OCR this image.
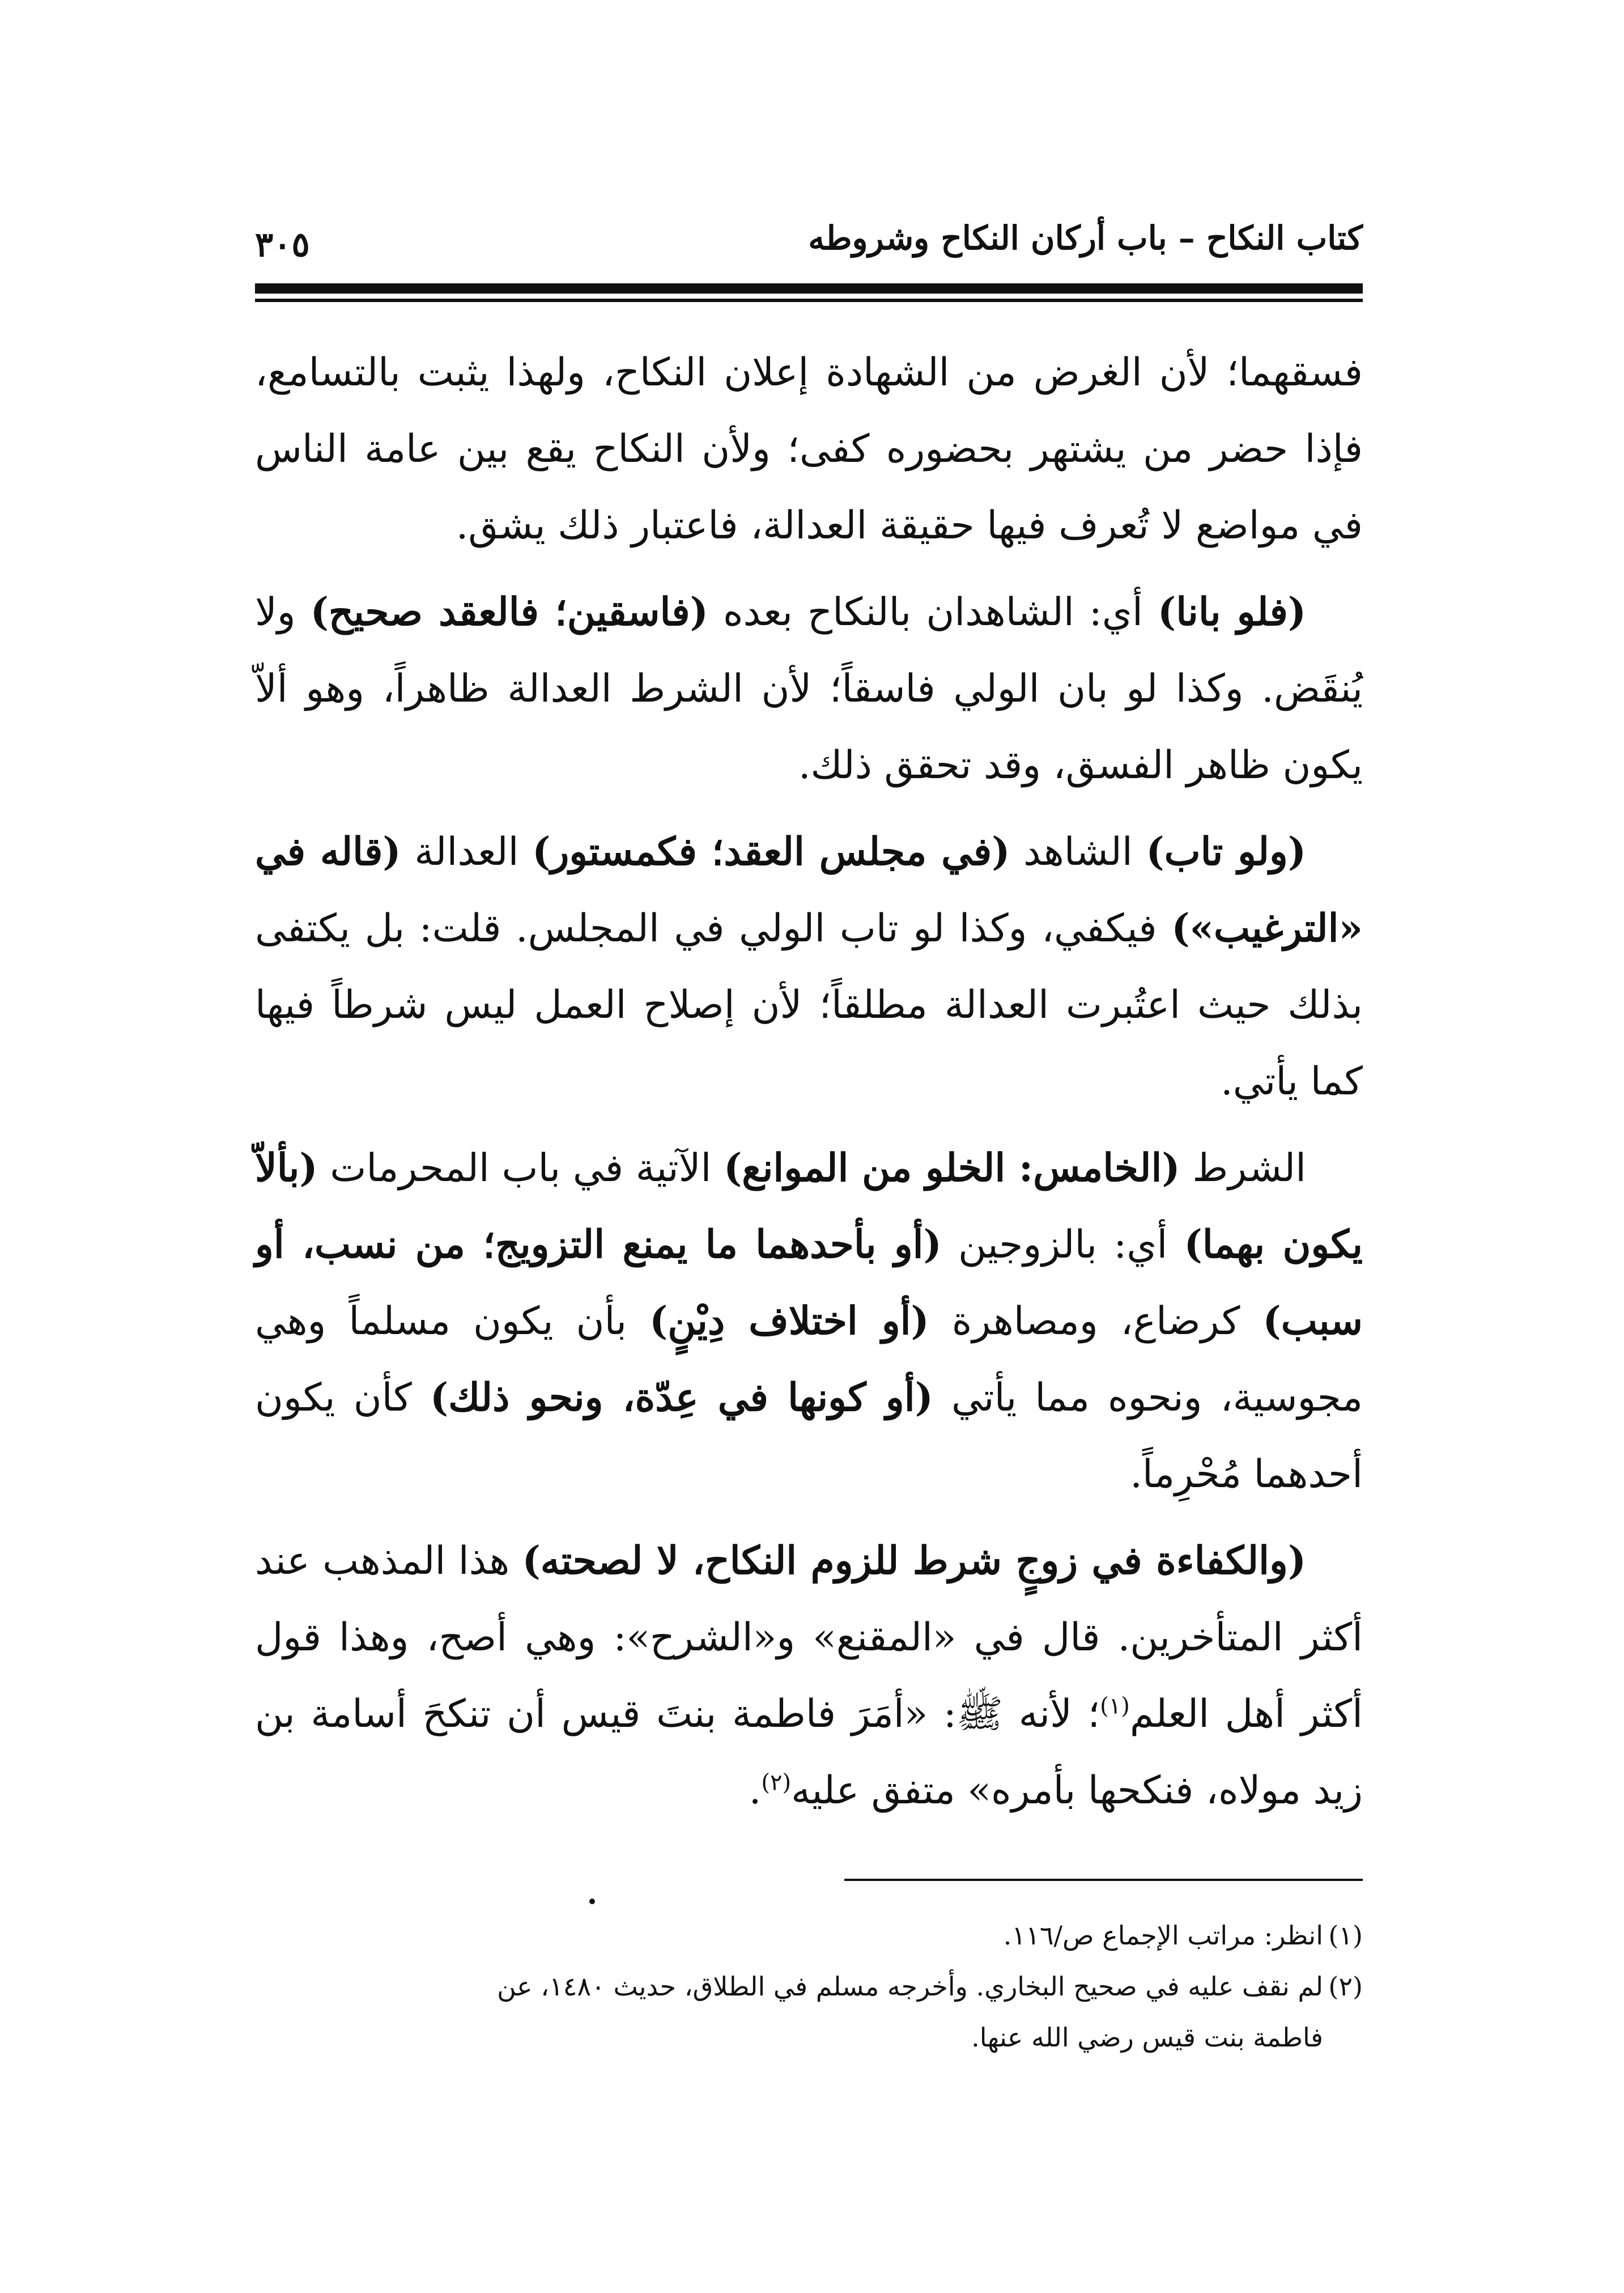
كتاب النكاح – باب أركان النكاح وشروطه
٣٠٥

فسقهما؛ لأن الغرض من الشهادة إعلان النكاح، ولهذا يثبت بالتسامع، فإذا حضر من يشتهر بحضوره كفى؛ ولأن النكاح يقع بين عامة الناس في مواضع لا تُعرف فيها حقيقة العدالة، فاعتبار ذلك يشق.

(فلو بانا) أي: الشاهدان بالنكاح بعده (فاسقين؛ فالعقد صحيح) ولا يُنقَض. وكذا لو بان الولي فاسقاً؛ لأن الشرط العدالة ظاهراً، وهو ألاّ يكون ظاهر الفسق، وقد تحقق ذلك.

(ولو تاب) الشاهد (في مجلس العقد؛ فكمستور) العدالة (قاله في «الترغيب») فيكفي، وكذا لو تاب الولي في المجلس. قلت: بل يكتفى بذلك حيث اعتُبرت العدالة مطلقاً؛ لأن إصلاح العمل ليس شرطاً فيها كما يأتي.

الشرط (الخامس: الخلو من الموانع) الآتية في باب المحرمات (بألاّ يكون بهما) أي: بالزوجين (أو بأحدهما ما يمنع التزويج؛ من نسب، أو سبب) كرضاع، ومصاهرة (أو اختلاف دِيْنٍ) بأن يكون مسلماً وهي مجوسية، ونحوه مما يأتي (أو كونها في عِدّة، ونحو ذلك) كأن يكون أحدهما مُحْرِماً.

(والكفاءة في زوجٍ شرط للزوم النكاح، لا لصحته) هذا المذهب عند أكثر المتأخرين. قال في «المقنع» و«الشرح»: وهي أصح، وهذا قول أكثر أهل العلم$^{(١)}$؛ لأنه ﷺ: «أمَرَ فاطمة بنتَ قيس أن تنكحَ أسامة بن زيد مولاه، فنكحها بأمره» متفق عليه$^{(٢)}$.

(١)انظر: مراتب الإجماع ص/١١٦.

(٢)لم نقف عليه في صحيح البخاري. وأخرجه مسلم في الطلاق، حديث ١٤٨٠، عن

فاطمة بنت قيس رضي الله عنها.
